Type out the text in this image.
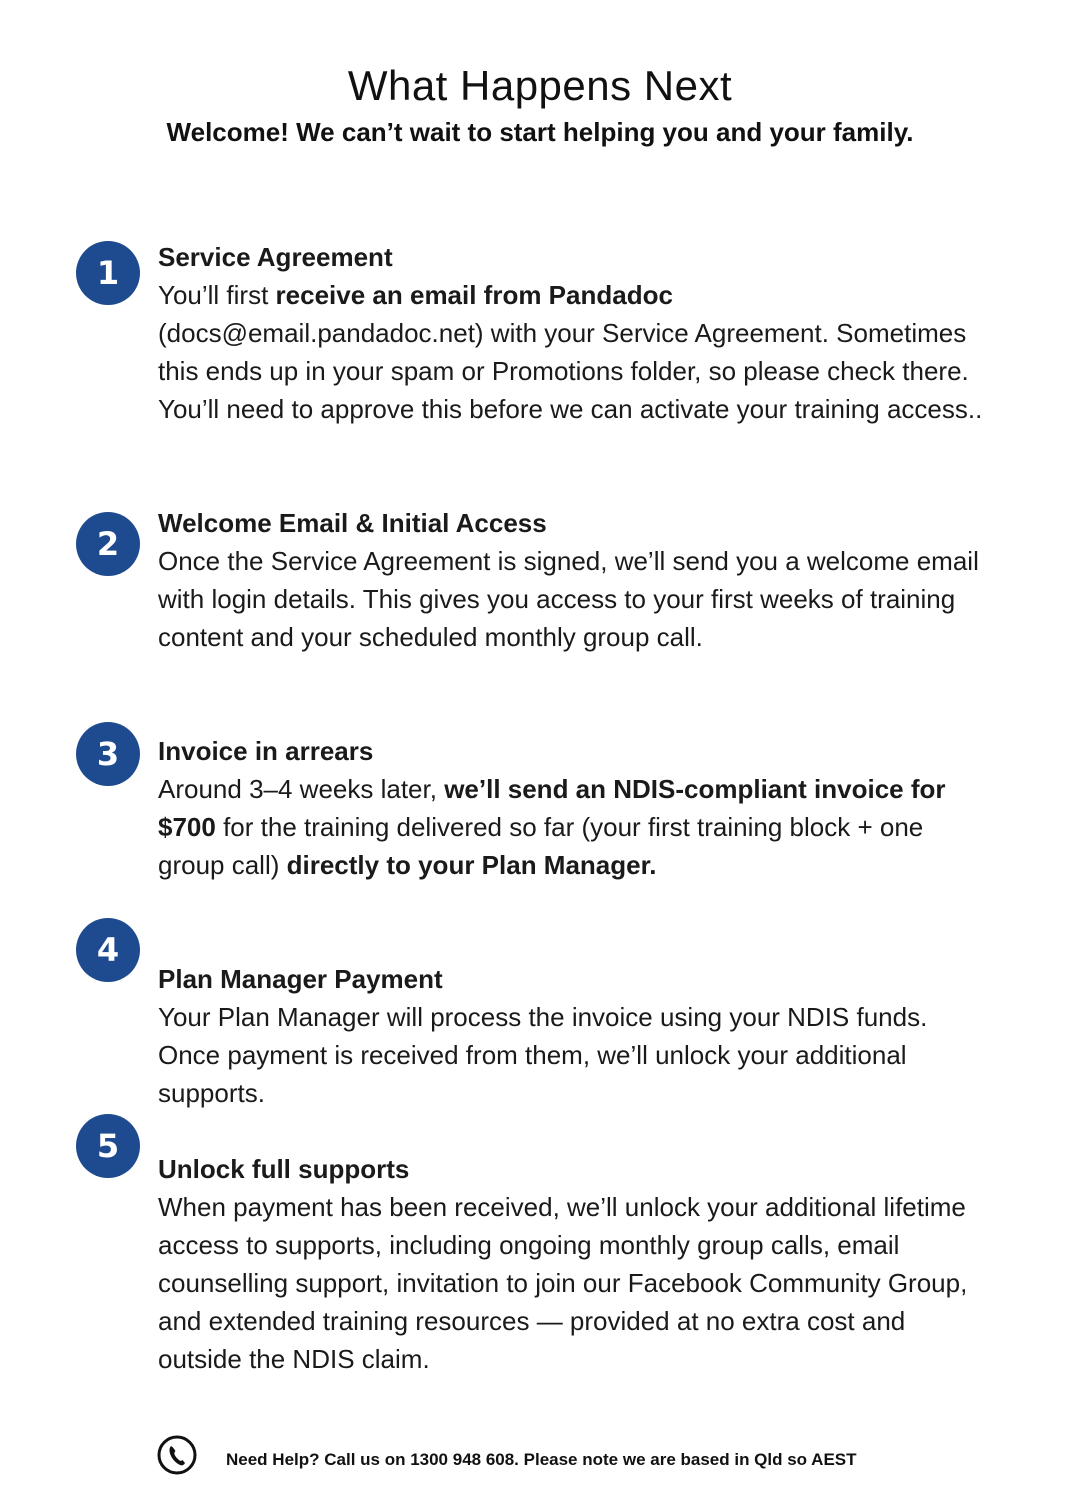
What Happens Next
Welcome! We can’t wait to start helping you and your family.
1	Service Agreement
You’ll first receive an email from Pandadoc (docs@email.pandadoc.net) with your Service Agreement. Sometimes this ends up in your spam or Promotions folder, so please check there. You’ll need to approve this before we can activate your training access..
2
Welcome Email & Initial Access
Once the Service Agreement is signed, we’ll send you a welcome email with login details. This gives you access to your first weeks of training content and your scheduled monthly group call.
3	Invoice in arrears
Around 3–4 weeks later, we’ll send an NDIS-compliant invoice for $700 for the training delivered so far (your first training block + one group call) directly to your Plan Manager.
4
Plan Manager Payment
Your Plan Manager will process the invoice using your NDIS funds. Once payment is received from them, we’ll unlock your additional supports.
5
Unlock full supports
When payment has been received, we’ll unlock your additional lifetime access to supports, including ongoing monthly group calls, email counselling support, invitation to join our Facebook Community Group, and extended training resources — provided at no extra cost and outside the NDIS claim.
Need Help? Call us on 1300 948 608. Please note we are based in Qld so AEST
